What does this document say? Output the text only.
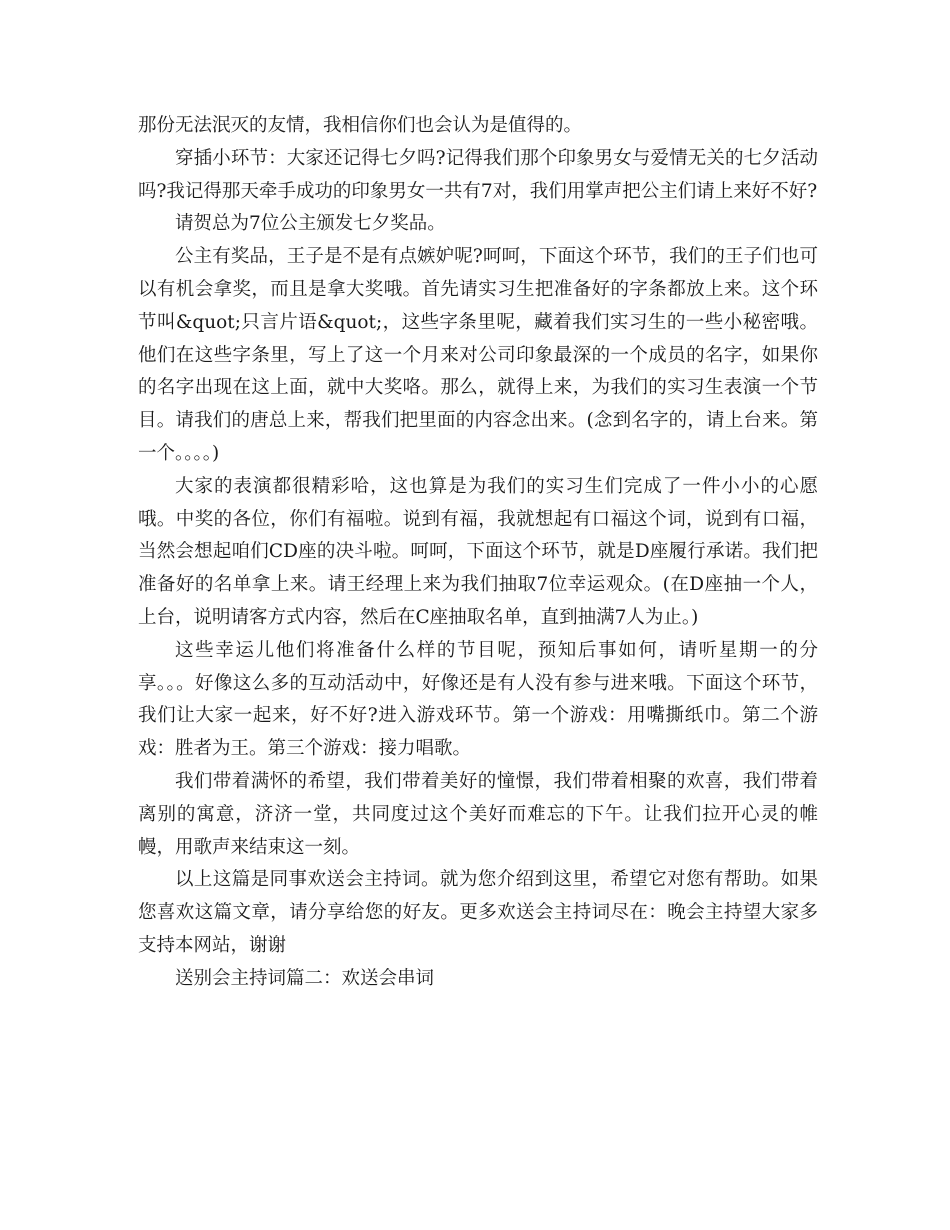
那份无法泯灭的友情，我相信你们也会认为是值得的。

穿插小环节：大家还记得七夕吗?记得我们那个印象男女与爱情无关的七夕活动吗?我记得那天牵手成功的印象男女一共有7对，我们用掌声把公主们请上来好不好?

请贺总为7位公主颁发七夕奖品。

公主有奖品，王子是不是有点嫉妒呢?呵呵，下面这个环节，我们的王子们也可以有机会拿奖，而且是拿大奖哦。首先请实习生把准备好的字条都放上来。这个环节叫&quot;只言片语&quot;，这些字条里呢，藏着我们实习生的一些小秘密哦。他们在这些字条里，写上了这一个月来对公司印象最深的一个成员的名字，如果你的名字出现在这上面，就中大奖咯。那么，就得上来，为我们的实习生表演一个节目。请我们的唐总上来，帮我们把里面的内容念出来。(念到名字的，请上台来。第一个。。。。)

大家的表演都很精彩哈，这也算是为我们的实习生们完成了一件小小的心愿哦。中奖的各位，你们有福啦。说到有福，我就想起有口福这个词，说到有口福，当然会想起咱们CD座的决斗啦。呵呵，下面这个环节，就是D座履行承诺。我们把准备好的名单拿上来。请王经理上来为我们抽取7位幸运观众。(在D座抽一个人，上台，说明请客方式内容，然后在C座抽取名单，直到抽满7人为止。)

这些幸运儿他们将准备什么样的节目呢，预知后事如何，请听星期一的分享。。。好像这么多的互动活动中，好像还是有人没有参与进来哦。下面这个环节，我们让大家一起来，好不好?进入游戏环节。第一个游戏：用嘴撕纸巾。第二个游戏：胜者为王。第三个游戏：接力唱歌。

我们带着满怀的希望，我们带着美好的憧憬，我们带着相聚的欢喜，我们带着离别的寓意，济济一堂，共同度过这个美好而难忘的下午。让我们拉开心灵的帷幔，用歌声来结束这一刻。

以上这篇是同事欢送会主持词。就为您介绍到这里，希望它对您有帮助。如果您喜欢这篇文章，请分享给您的好友。更多欢送会主持词尽在：晚会主持望大家多支持本网站，谢谢

送别会主持词篇二：欢送会串词
